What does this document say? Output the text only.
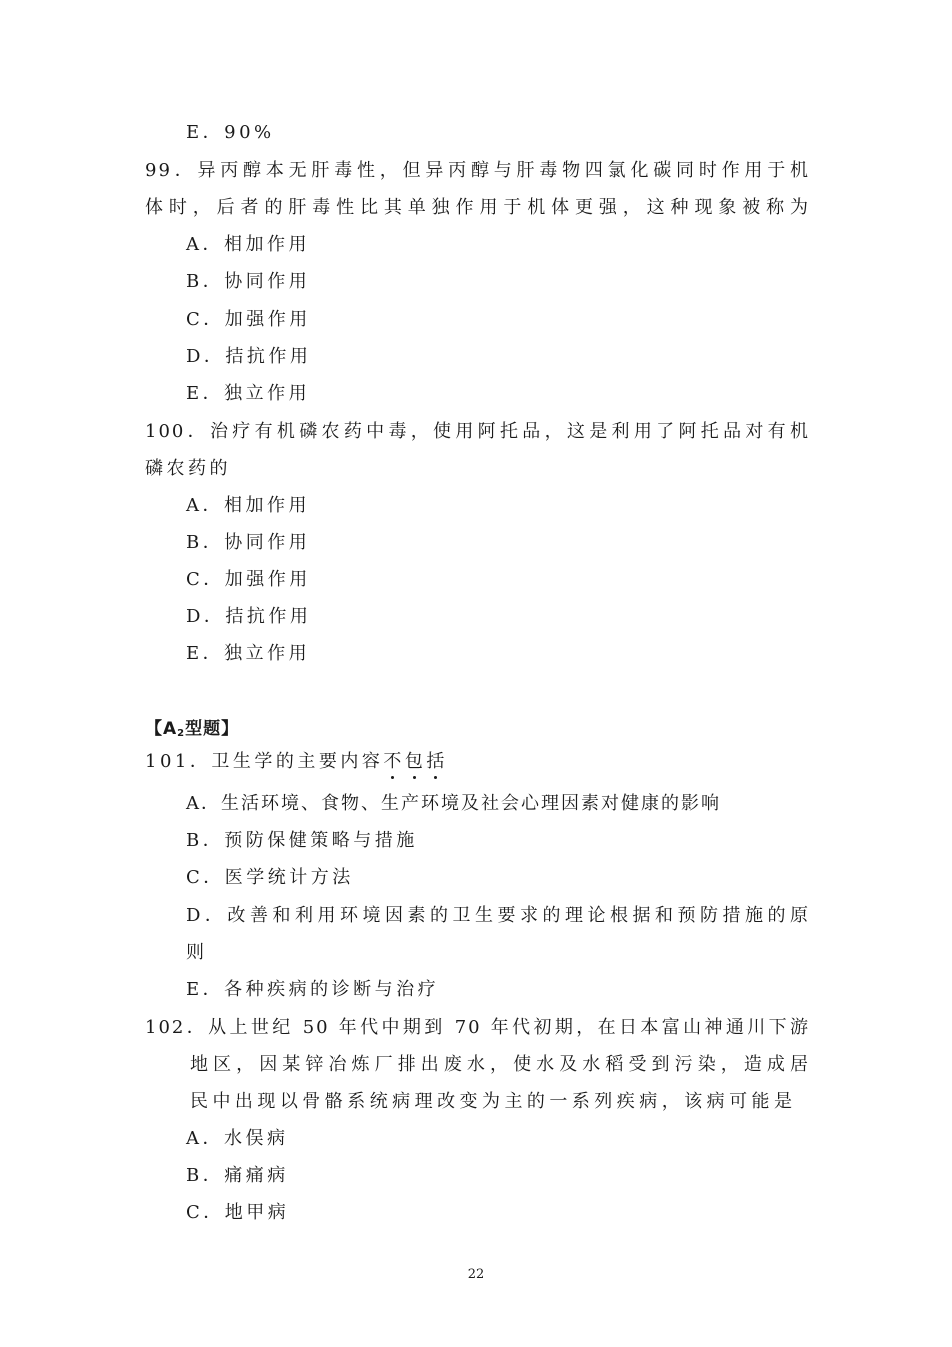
E．90%
99．异丙醇本无肝毒性，但异丙醇与肝毒物四氯化碳同时作用于机
体时，后者的肝毒性比其单独作用于机体更强，这种现象被称为
A．相加作用
B．协同作用
C．加强作用
D．拮抗作用
E．独立作用
100．治疗有机磷农药中毒，使用阿托品，这是利用了阿托品对有机
磷农药的
A．相加作用
B．协同作用
C．加强作用
D．拮抗作用
E．独立作用
【$A_2$型题】
101．卫生学的主要内容不包括
A．生活环境、食物、生产环境及社会心理因素对健康的影响
B．预防保健策略与措施
C．医学统计方法
D．改善和利用环境因素的卫生要求的理论根据和预防措施的原
则
E．各种疾病的诊断与治疗
102．从上世纪 50 年代中期到 70 年代初期，在日本富山神通川下游
地区，因某锌冶炼厂排出废水，使水及水稻受到污染，造成居
民中出现以骨骼系统病理改变为主的一系列疾病，该病可能是
A．水俣病
B．痛痛病
C．地甲病
22
